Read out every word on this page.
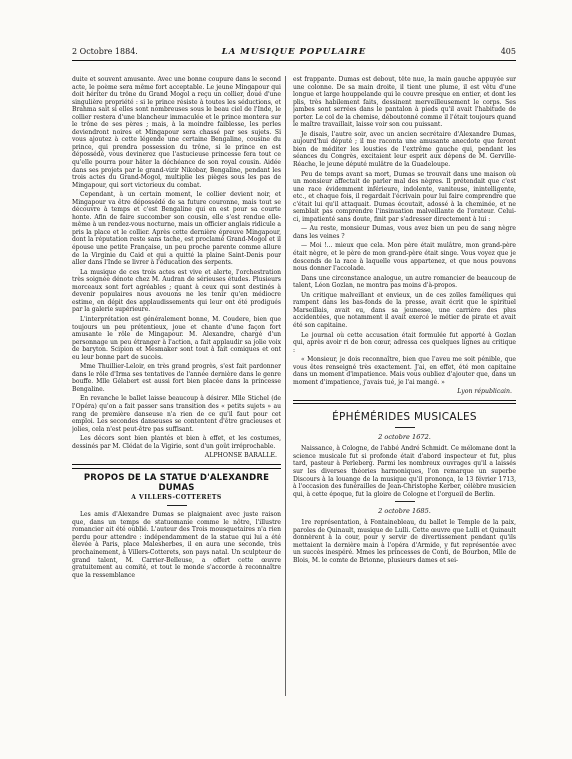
2 Octobre 1884.	LA MUSIQUE POPULAIRE	405

duite et souvent amusante. Avec une bonne coupure dans le second acte, le poème sera même fort acceptable. Le jeune Mingapour qui doit hériter du trône du Grand Mogol a reçu un collier, doué d'une singulière propriété : si le prince résiste à toutes les séductions, et Brahma sait si elles sont nombreuses sous le beau ciel de l'Inde, le collier restera d'une blancheur immaculée et le prince montera sur le trône de ses pères ; mais, à la moindre faiblesse, les perles deviendront noires et Mingapour sera chassé par ses sujets. Si vous ajoutez à cette légende une certaine Bengaline, cousine du prince, qui prendra possession du trône, si le prince en est dépossédé, vous devinerez que l'astucieuse princesse fera tout ce qu'elle pourra pour hâter la déchéance de son royal cousin. Aidée dans ses projets par le grand-vizir Nikobar, Bengaline, pendant les trois actes du Grand-Mogol, multiplie les pièges sous les pas de Mingapour, qui sort victorieux du combat.

Cependant, à un certain moment, le collier devient noir, et Mingapour va être dépossédé de sa future couronne, mais tout se découvre à temps et c'est Bengaline qui en est pour sa courte honte. Afin de faire succomber son cousin, elle s'est rendue elle-même à un rendez-vous nocturne, mais un officier anglais ridicule a pris la place et le collier. Après cette dernière épreuve Mingapour, dont la réputation reste sans tache, est proclamé Grand-Mogol et il épouse une petite Française, un peu proche parente comme allure de la Virginie du Caid et qui a quitté la plaine Saint-Denis pour aller dans l'Inde se livrer à l'éducation des serpents.

La musique de ces trois actes est vive et alerte, l'orchestration très soignée dénote chez M. Audran de sérieuses études. Plusieurs morceaux sont fort agréables ; quant à ceux qui sont destinés à devenir populaires nous avouons ne les tenir qu'en médiocre estime, en dépit des applaudissements qui leur ont été prodigués par la galerie supérieure.

L'interprétation est généralement bonne, M. Coudere, bien que toujours un peu prétentieux, joue et chante d'une façon fort amusante le rôle de Mingapour. M. Alexandre, chargé d'un personnage un peu étranger à l'action, a fait applaudir sa jolie voix de baryton. Scipion et Mesmaker sont tout à fait comiques et ont eu leur bonne part de succès.

Mme Thuillier-Leloir, en très grand progrès, s'est fait pardonner dans le rôle d'Irma ses tentatives de l'année dernière dans le genre bouffe. Mlle Gélabert est aussi fort bien placée dans la princesse Bengaline.

En revanche le ballet laisse beaucoup à désirer. Mlle Stichel (de l'Opéra) qu'on a fait passer sans transition des « petits sujets » au rang de première danseuse n'a rien de ce qu'il faut pour cet emploi. Les secondes danseuses se contentent d'être gracieuses et jolies, cela n'est peut-être pas suffisant.

Les décors sont bien plantés et bien à effet, et les costumes, dessinés par M. Clédat de la Vigirie, sont d'un goût irréprochable.

ALPHONSE BARALLE.
PROPOS DE LA STATUE D'ALEXANDRE DUMAS
A VILLERS-COTTERETS

Les amis d'Alexandre Dumas se plaignaient avec juste raison que, dans un temps de statuomanie comme le nôtre, l'illustre romancier ait été oublié. L'auteur des Trois mousquetaires n'a rien perdu pour attendre : indépendamment de la statue qui lui a été élevée à Paris, place Malesherbes, il en aura une seconde, très prochainement, à Villers-Cotterets, son pays natal. Un sculpteur de grand talent, M. Carrier-Belleuse, a offert cette œuvre gratuitement au comité, et tout le monde s'accorde à reconnaître que la ressemblance

est frappante. Dumas est debout, tête nue, la main gauche appuyée sur une colonne. De sa main droite, il tient une plume, il est vêtu d'une longue et large houppelande qui le couvre presque en entier, et dont les plis, très habilement faits, dessinent merveilleusement le corps. Ses jambes sont serrées dans le pantalon à pieds qu'il avait l'habitude de porter. Le col de la chemise, déboutonné comme il l'était toujours quand le maître travaillait, laisse voir son cou puissant.

Je disais, l'autre soir, avec un ancien secrétaire d'Alexandre Dumas, aujourd'hui député ; il me raconta une amusante anecdote que feront bien de méditer les lousties de l'extrême gauche qui, pendant les séances du Congrès, excitaient leur esprit aux dépens de M. Gerville-Réache, le jeune député mulâtre de la Guadeloupe.

Peu de temps avant sa mort, Dumas se trouvait dans une maison où un monsieur affectait de parler mal des nègres. Il prétendait que c'est une race évidemment inférieure, indolente, vaniteuse, inintelligente, etc., et chaque fois, il regardait l'écrivain pour lui faire comprendre que c'était lui qu'il attaquait. Dumas écoutait, adossé à la cheminée, et ne semblait pas comprendre l'insinuation malveillante de l'orateur. Celui-ci, impatienté sans doute, finit par s'adresser directement à lui :

— Au reste, monsieur Dumas, vous avez bien un peu de sang nègre dans les veines ?

— Moi !... mieux que cela. Mon père était mulâtre, mon grand-père était nègre, et le père de mon grand-père était singe. Vous voyez que je descends de la race à laquelle vous appartenez, et que nous pouvons nous donner l'accolade.

Dans une circonstance analogue, un autre romancier de beaucoup de talent, Léon Gozlan, ne montra pas moins d'à-propos.

Un critique malveillant et envieux, un de ces zoïles faméliques qui rampent dans les bas-fonds de la presse, avait écrit que le spirituel Marseillais, avait eu, dans sa jeunesse, une carrière des plus accidentées, que notamment il avait exercé le métier de pirate et avait été son capitaine.

Le journal où cette accusation était formulée fut apporté à Gozlan qui, après avoir ri de bon cœur, adressa ces quelques lignes au critique :

« Monsieur, je dois reconnaître, bien que l'aveu me soit pénible, que vous êtes renseigné très exactement. J'ai, en effet, été mon capitaine dans un moment d'impatience. Mais vous oubliez d'ajouter que, dans un moment d'impatience, j'avais tué, je l'ai mangé. »

Lyon républicain.
ÉPHÉMÉRIDES MUSICALES
2 octobre 1672.

Naissance, à Cologne, de l'abbé André Schmidt. Ce mélomane dont la science musicale fut si profonde était d'abord inspecteur et fut, plus tard, pasteur à Perleberg. Parmi les nombreux ouvrages qu'il a laissés sur les diverses théories harmoniques, l'on remarque un superbe Discours à la louange de la musique qu'il prononça, le 13 février 1713, à l'occasion des funérailles de Jean-Christophe Kerber, célèbre musicien qui, à cette époque, fut la gloire de Cologne et l'orgueil de Berlin.

2 octobre 1685.

1re représentation, à Fontainebleau, du ballet le Temple de la paix, paroles de Quinault, musique de Lulli. Cette œuvre que Lulli et Quinault donnèrent à la cour, pour y servir de divertissement pendant qu'ils mettaient la dernière main à l'opéra d'Armide, y fut représentée avec un succès inespéré. Mmes les princesses de Conti, de Bourbon, Mlle de Blois, M. le comte de Brionne, plusieurs dames et sei-
